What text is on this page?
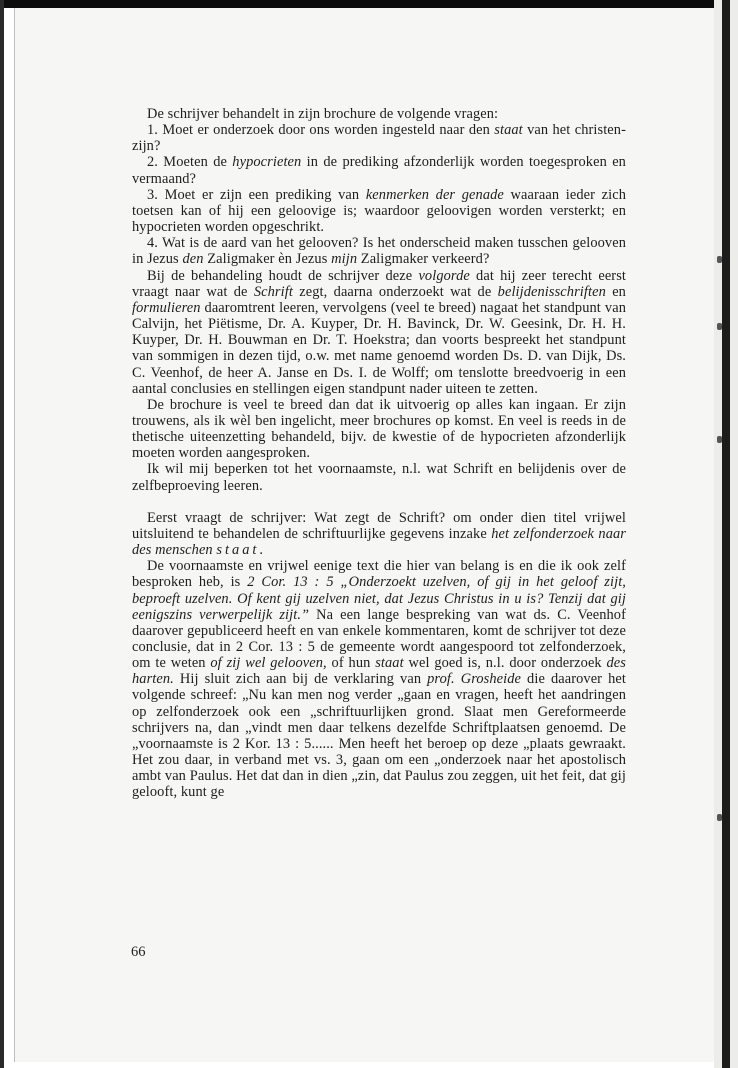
De schrijver behandelt in zijn brochure de volgende vragen:

1. Moet er onderzoek door ons worden ingesteld naar den staat van het christen-zijn?

2. Moeten de hypocrieten in de prediking afzonderlijk worden toegesproken en vermaand?

3. Moet er zijn een prediking van kenmerken der genade waaraan ieder zich toetsen kan of hij een geloovige is; waardoor geloovigen worden versterkt; en hypocrieten worden opgeschrikt.

4. Wat is de aard van het gelooven? Is het onderscheid maken tusschen gelooven in Jezus den Zaligmaker èn Jezus mijn Zaligmaker verkeerd?

Bij de behandeling houdt de schrijver deze volgorde dat hij zeer terecht eerst vraagt naar wat de Schrift zegt, daarna onderzoekt wat de belijdenisschriften en formulieren daaromtrent leeren, vervolgens (veel te breed) nagaat het standpunt van Calvijn, het Piëtisme, Dr. A. Kuyper, Dr. H. Bavinck, Dr. W. Geesink, Dr. H. H. Kuyper, Dr. H. Bouwman en Dr. T. Hoekstra; dan voorts bespreekt het standpunt van sommigen in dezen tijd, o.w. met name genoemd worden Ds. D. van Dijk, Ds. C. Veenhof, de heer A. Janse en Ds. I. de Wolff; om tenslotte breedvoerig in een aantal conclusies en stellingen eigen standpunt nader uiteen te zetten.

De brochure is veel te breed dan dat ik uitvoerig op alles kan ingaan. Er zijn trouwens, als ik wèl ben ingelicht, meer brochures op komst. En veel is reeds in de thetische uiteenzetting behandeld, bijv. de kwestie of de hypocrieten afzonderlijk moeten worden aangesproken.

Ik wil mij beperken tot het voornaamste, n.l. wat Schrift en belijdenis over de zelfbeproeving leeren.

Eerst vraagt de schrijver: Wat zegt de Schrift? om onder dien titel vrijwel uitsluitend te behandelen de schriftuurlijke gegevens inzake het zelfonderzoek naar des menschen staat.

De voornaamste en vrijwel eenige text die hier van belang is en die ik ook zelf besproken heb, is 2 Cor. 13 : 5 „Onderzoekt uzelven, of gij in het geloof zijt, beproeft uzelven. Of kent gij uzelven niet, dat Jezus Christus in u is? Tenzij dat gij eenigszins verwerpelijk zijt.” Na een lange bespreking van wat ds. C. Veenhof daarover gepubliceerd heeft en van enkele kommentaren, komt de schrijver tot deze conclusie, dat in 2 Cor. 13 : 5 de gemeente wordt aangespoord tot zelfonderzoek, om te weten of zij wel gelooven, of hun staat wel goed is, n.l. door onderzoek des harten. Hij sluit zich aan bij de verklaring van prof. Grosheide die daarover het volgende schreef: „Nu kan men nog verder „gaan en vragen, heeft het aandringen op zelfonderzoek ook een „schriftuurlijken grond. Slaat men Gereformeerde schrijvers na, dan „vindt men daar telkens dezelfde Schriftplaatsen genoemd. De „voornaamste is 2 Kor. 13 : 5...... Men heeft het beroep op deze „plaats gewraakt. Het zou daar, in verband met vs. 3, gaan om een „onderzoek naar het apostolisch ambt van Paulus. Het dat dan in dien „zin, dat Paulus zou zeggen, uit het feit, dat gij gelooft, kunt ge

66
